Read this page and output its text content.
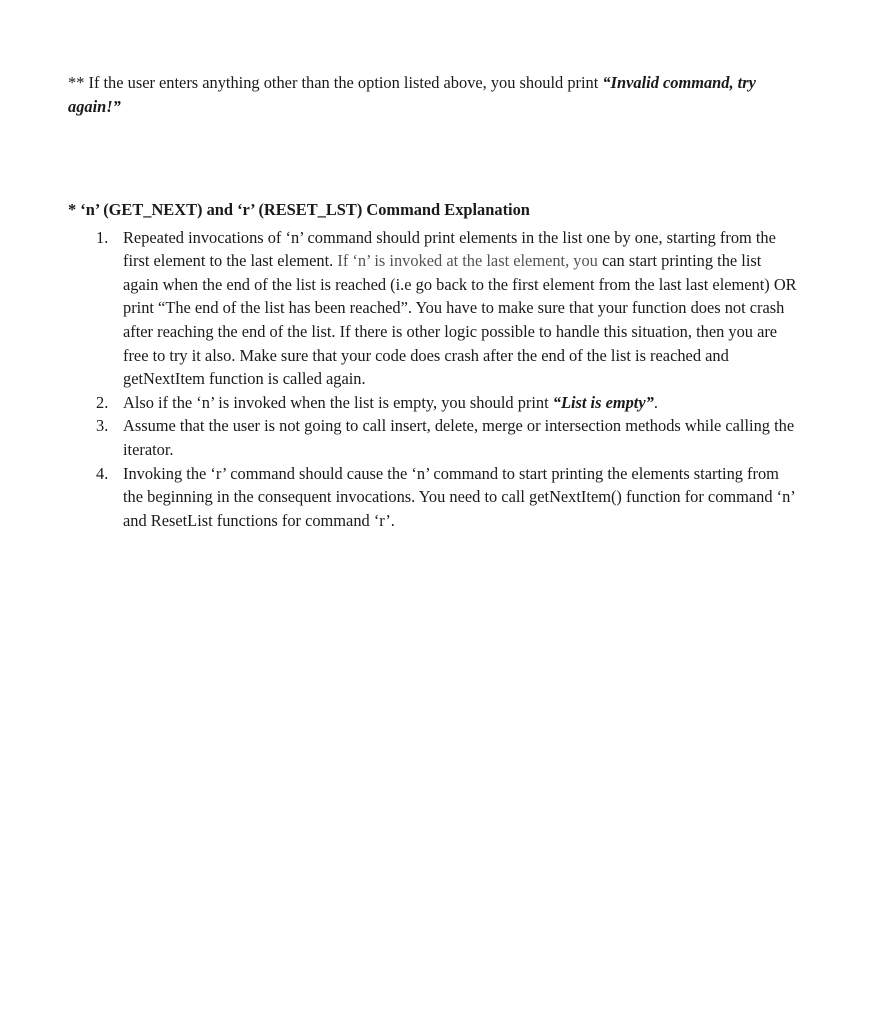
** If the user enters anything other than the option listed above, you should print “Invalid command, try again!”

* ‘n’ (GET_NEXT) and ‘r’ (RESET_LST) Command Explanation

1. Repeated invocations of ‘n’ command should print elements in the list one by one, starting from the first element to the last element. If ‘n’ is invoked at the last element, you can start printing the list again when the end of the list is reached (i.e go back to the first element from the last last element) OR print “The end of the list has been reached”. You have to make sure that your function does not crash after reaching the end of the list. If there is other logic possible to handle this situation, then you are free to try it also. Make sure that your code does crash after the end of the list is reached and getNextItem function is called again.
2. Also if the ‘n’ is invoked when the list is empty, you should print “List is empty”.
3. Assume that the user is not going to call insert, delete, merge or intersection methods while calling the iterator.
4. Invoking the ‘r’ command should cause the ‘n’ command to start printing the elements starting from the beginning in the consequent invocations. You need to call getNextItem() function for command ‘n’ and ResetList functions for command ‘r’.
